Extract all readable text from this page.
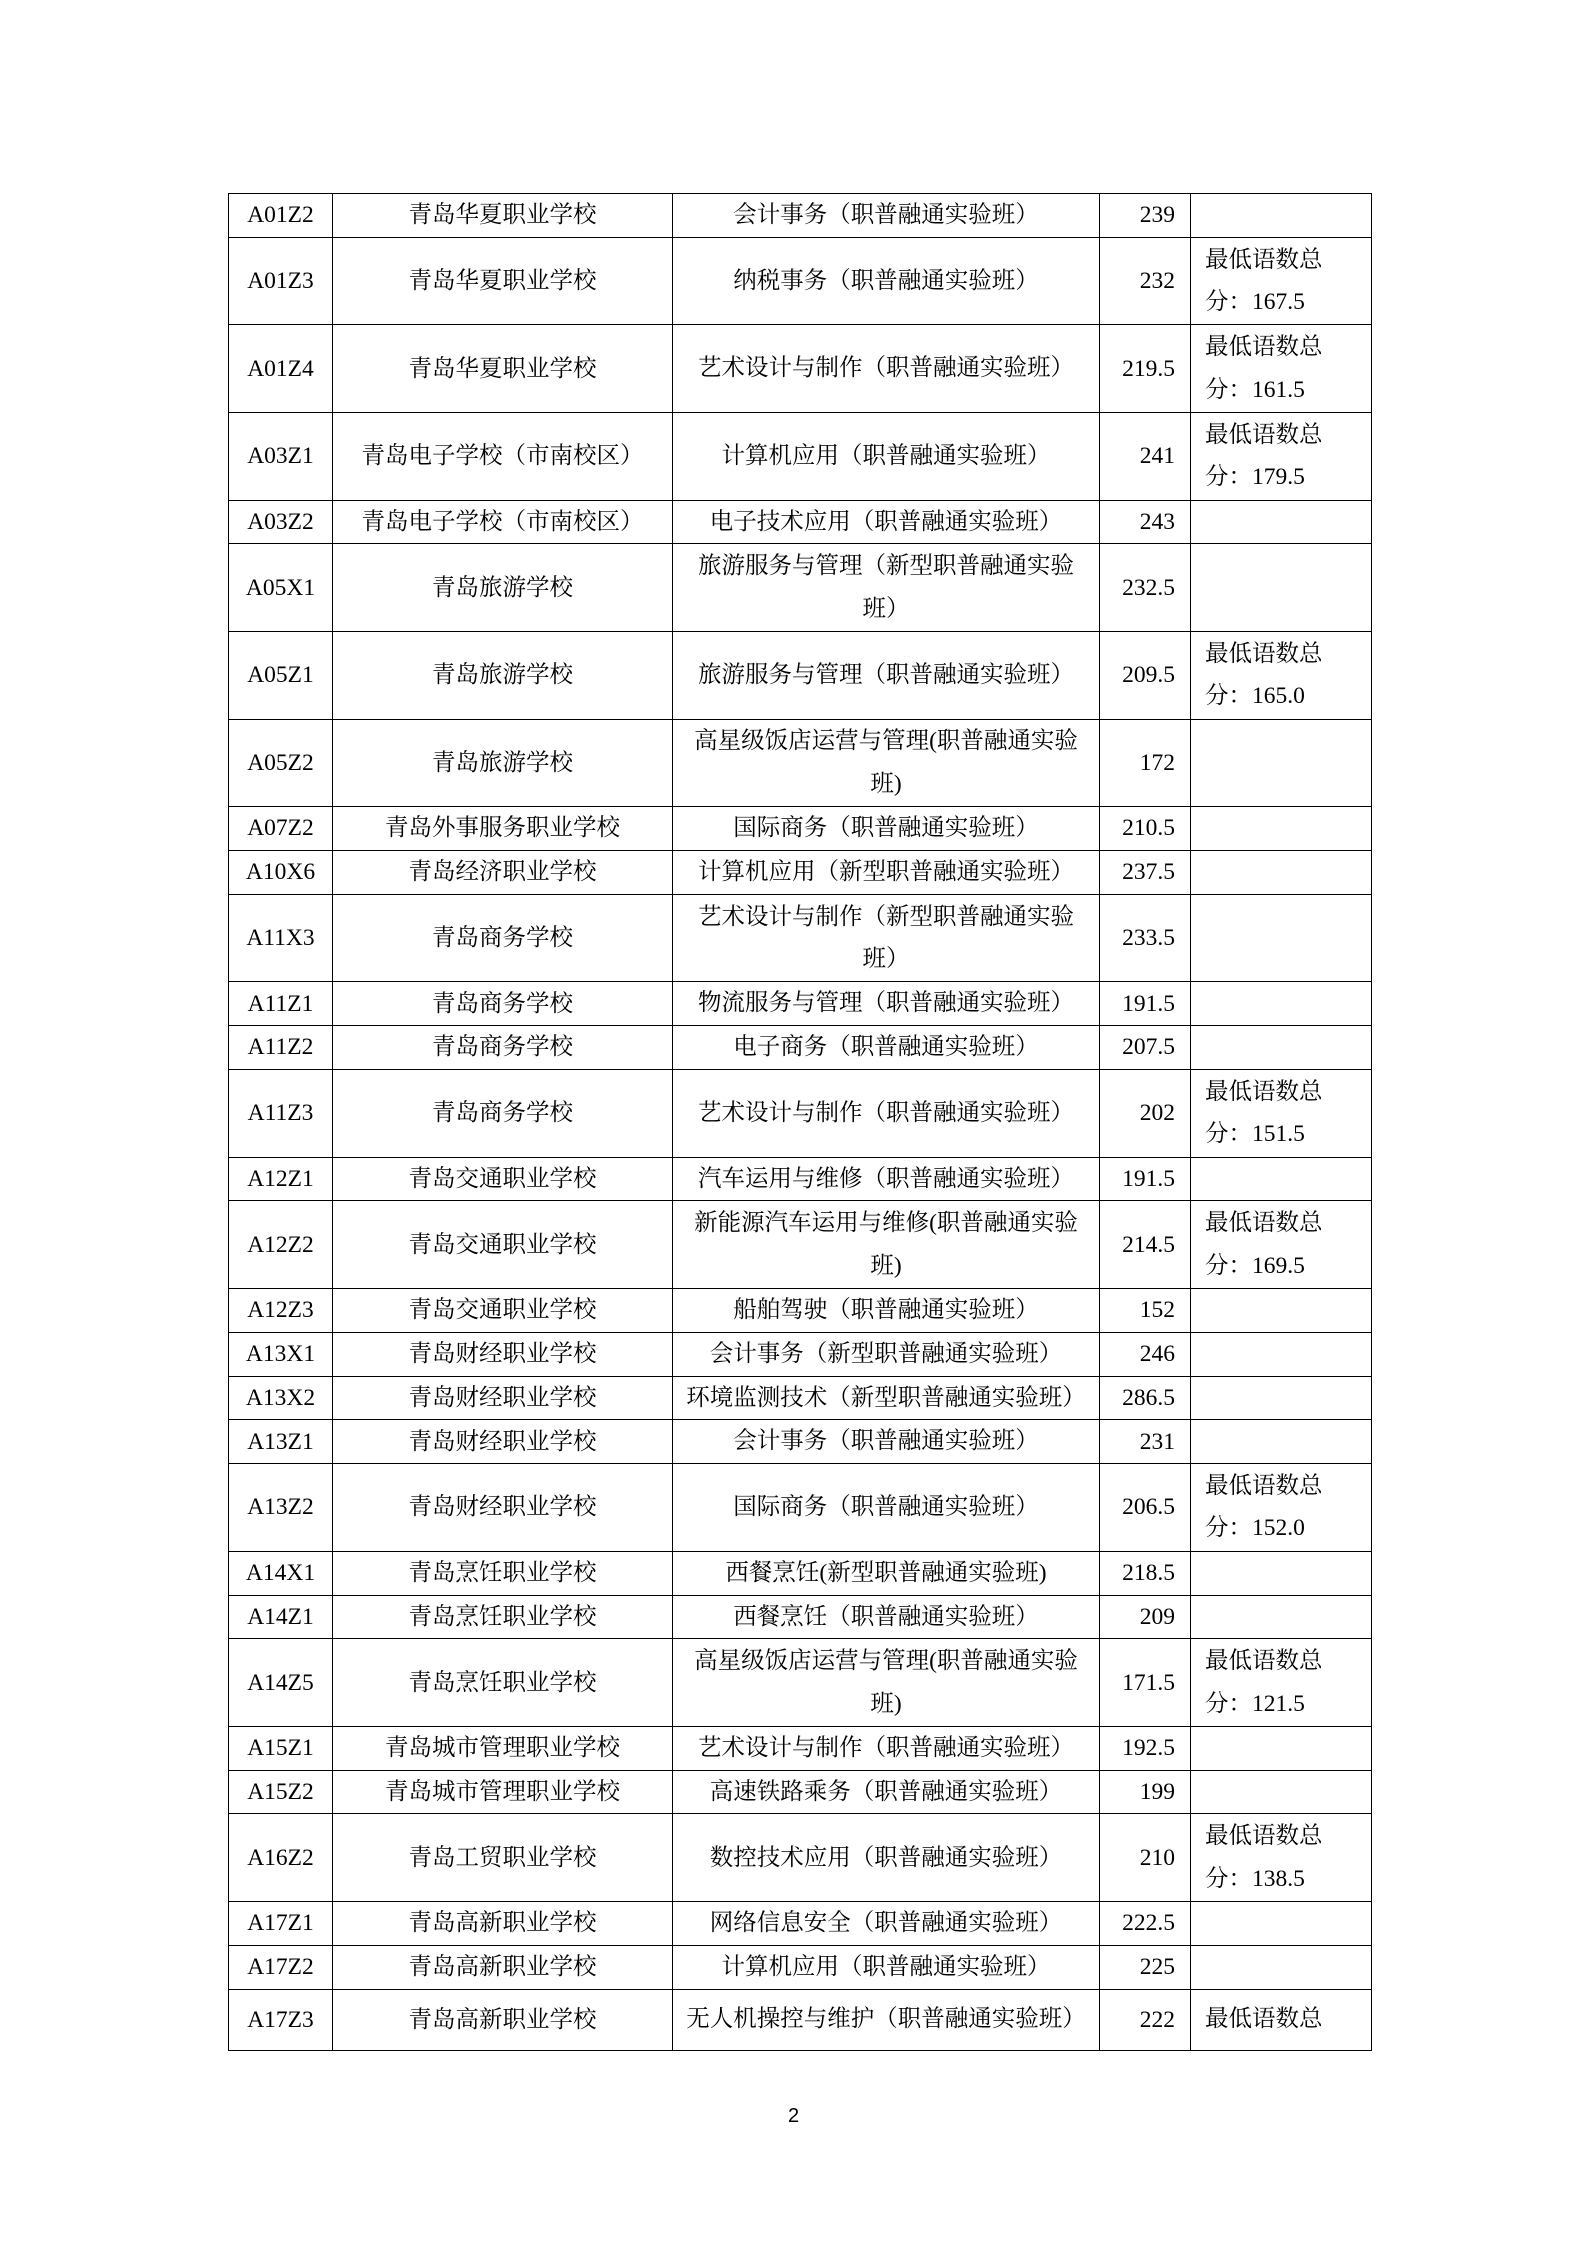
A01Z2	青岛华夏职业学校	会计事务（职普融通实验班）	239	
A01Z3	青岛华夏职业学校	纳税事务（职普融通实验班）	232	最低语数总
分：167.5

A01Z4	青岛华夏职业学校	艺术设计与制作（职普融通实验班）	219.5	最低语数总
分：161.5

A03Z1	青岛电子学校（市南校区）	计算机应用（职普融通实验班）	241	最低语数总
分：179.5

A03Z2	青岛电子学校（市南校区）	电子技术应用（职普融通实验班）	243	
A05X1	青岛旅游学校	旅游服务与管理（新型职普融通实验
班）	232.5	
A05Z1	青岛旅游学校	旅游服务与管理（职普融通实验班）	209.5	最低语数总
分：165.0

A05Z2	青岛旅游学校	高星级饭店运营与管理(职普融通实验
班)	172	
A07Z2	青岛外事服务职业学校	国际商务（职普融通实验班）	210.5	
A10X6	青岛经济职业学校	计算机应用（新型职普融通实验班）	237.5	
A11X3	青岛商务学校	艺术设计与制作（新型职普融通实验
班）	233.5	
A11Z1	青岛商务学校	物流服务与管理（职普融通实验班）	191.5	
A11Z2	青岛商务学校	电子商务（职普融通实验班）	207.5	
A11Z3	青岛商务学校	艺术设计与制作（职普融通实验班）	202	最低语数总
分：151.5

A12Z1	青岛交通职业学校	汽车运用与维修（职普融通实验班）	191.5	
A12Z2	青岛交通职业学校	新能源汽车运用与维修(职普融通实验
班)	214.5	最低语数总
分：169.5

A12Z3	青岛交通职业学校	船舶驾驶（职普融通实验班）	152	
A13X1	青岛财经职业学校	会计事务（新型职普融通实验班）	246	
A13X2	青岛财经职业学校	环境监测技术（新型职普融通实验班）	286.5	
A13Z1	青岛财经职业学校	会计事务（职普融通实验班）	231	
A13Z2	青岛财经职业学校	国际商务（职普融通实验班）	206.5	最低语数总
分：152.0

A14X1	青岛烹饪职业学校	西餐烹饪(新型职普融通实验班)	218.5	
A14Z1	青岛烹饪职业学校	西餐烹饪（职普融通实验班）	209	
A14Z5	青岛烹饪职业学校	高星级饭店运营与管理(职普融通实验
班)	171.5	最低语数总
分：121.5

A15Z1	青岛城市管理职业学校	艺术设计与制作（职普融通实验班）	192.5	
A15Z2	青岛城市管理职业学校	高速铁路乘务（职普融通实验班）	199	
A16Z2	青岛工贸职业学校	数控技术应用（职普融通实验班）	210	最低语数总
分：138.5

A17Z1	青岛高新职业学校	网络信息安全（职普融通实验班）	222.5	
A17Z2	青岛高新职业学校	计算机应用（职普融通实验班）	225	
A17Z3	青岛高新职业学校	无人机操控与维护（职普融通实验班）	222	最低语数总
2
